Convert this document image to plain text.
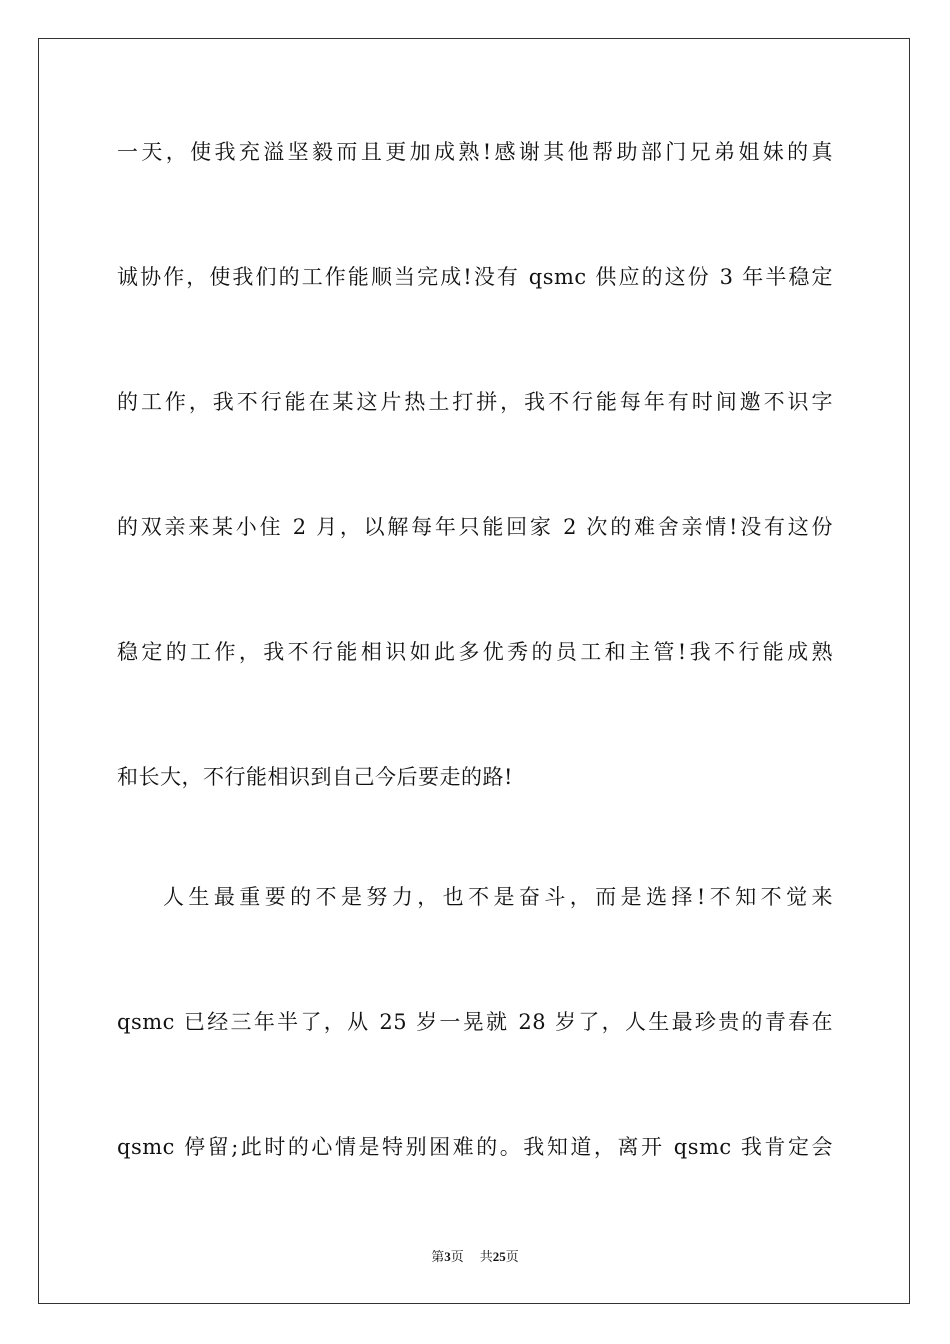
一天，使我充溢坚毅而且更加成熟!感谢其他帮助部门兄弟姐妹的真
诚协作，使我们的工作能顺当完成!没有 qsmc 供应的这份 3 年半稳定
的工作，我不行能在某这片热土打拼，我不行能每年有时间邀不识字
的双亲来某小住 2 月，以解每年只能回家 2 次的难舍亲情!没有这份
稳定的工作，我不行能相识如此多优秀的员工和主管!我不行能成熟
和长大，不行能相识到自己今后要走的路!
人生最重要的不是努力，也不是奋斗，而是选择!不知不觉来
qsmc 已经三年半了，从 25 岁一晃就 28 岁了，人生最珍贵的青春在
qsmc 停留;此时的心情是特别困难的。我知道，离开 qsmc 我肯定会
第3页 共25页
